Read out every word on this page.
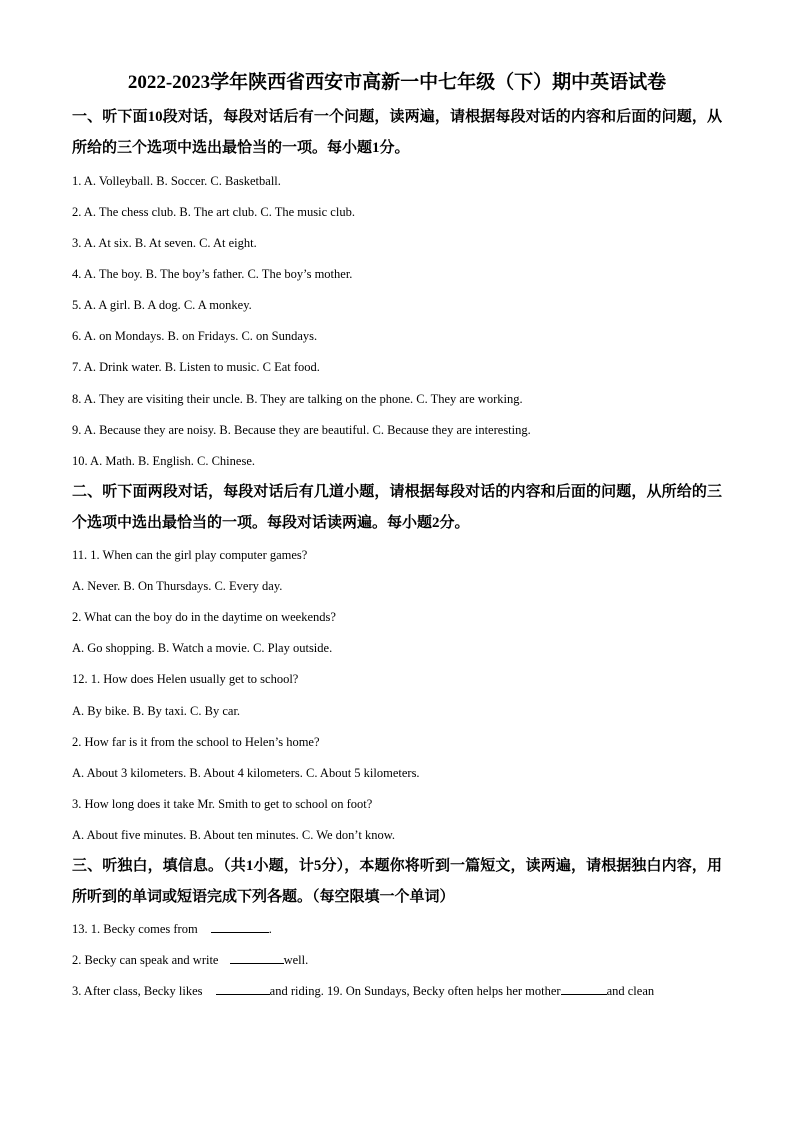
2022-2023学年陕西省西安市高新一中七年级（下）期中英语试卷
一、听下面10段对话，每段对话后有一个问题，读两遍，请根据每段对话的内容和后面的问题，从所给的三个选项中选出最恰当的一项。每小题1分。
1. A. Volleyball. B. Soccer. C. Basketball.
2. A. The chess club. B. The art club. C. The music club.
3. A. At six. B. At seven. C. At eight.
4. A. The boy. B. The boy’s father. C. The boy’s mother.
5. A. A girl. B. A dog. C. A monkey.
6. A. on Mondays. B. on Fridays. C. on Sundays.
7. A. Drink water. B. Listen to music. C Eat food.
8. A. They are visiting their uncle. B. They are talking on the phone. C. They are working.
9. A. Because they are noisy. B. Because they are beautiful. C. Because they are interesting.
10. A. Math. B. English. C. Chinese.
二、听下面两段对话，每段对话后有几道小题，请根据每段对话的内容和后面的问题，从所给的三个选项中选出最恰当的一项。每段对话读两遍。每小题2分。
11. 1. When can the girl play computer games?
A. Never. B. On Thursdays. C. Every day.
2. What can the boy do in the daytime on weekends?
A. Go shopping. B. Watch a movie. C. Play outside.
12. 1. How does Helen usually get to school?
A. By bike. B. By taxi. C. By car.
2. How far is it from the school to Helen’s home?
A. About 3 kilometers. B. About 4 kilometers. C. About 5 kilometers.
3. How long does it take Mr. Smith to get to school on foot?
A. About five minutes. B. About ten minutes. C. We don’t know.
三、听独白，填信息。（共1小题，计5分），本题你将听到一篇短文，读两遍，请根据独白内容，用所听到的单词或短语完成下列各题。（每空限填一个单词）
13. 1. Becky comes from	.
2. Becky can speak and write	well.
3. After class, Becky likes	and riding. 19. On Sundays, Becky often helps her mother	and clean
